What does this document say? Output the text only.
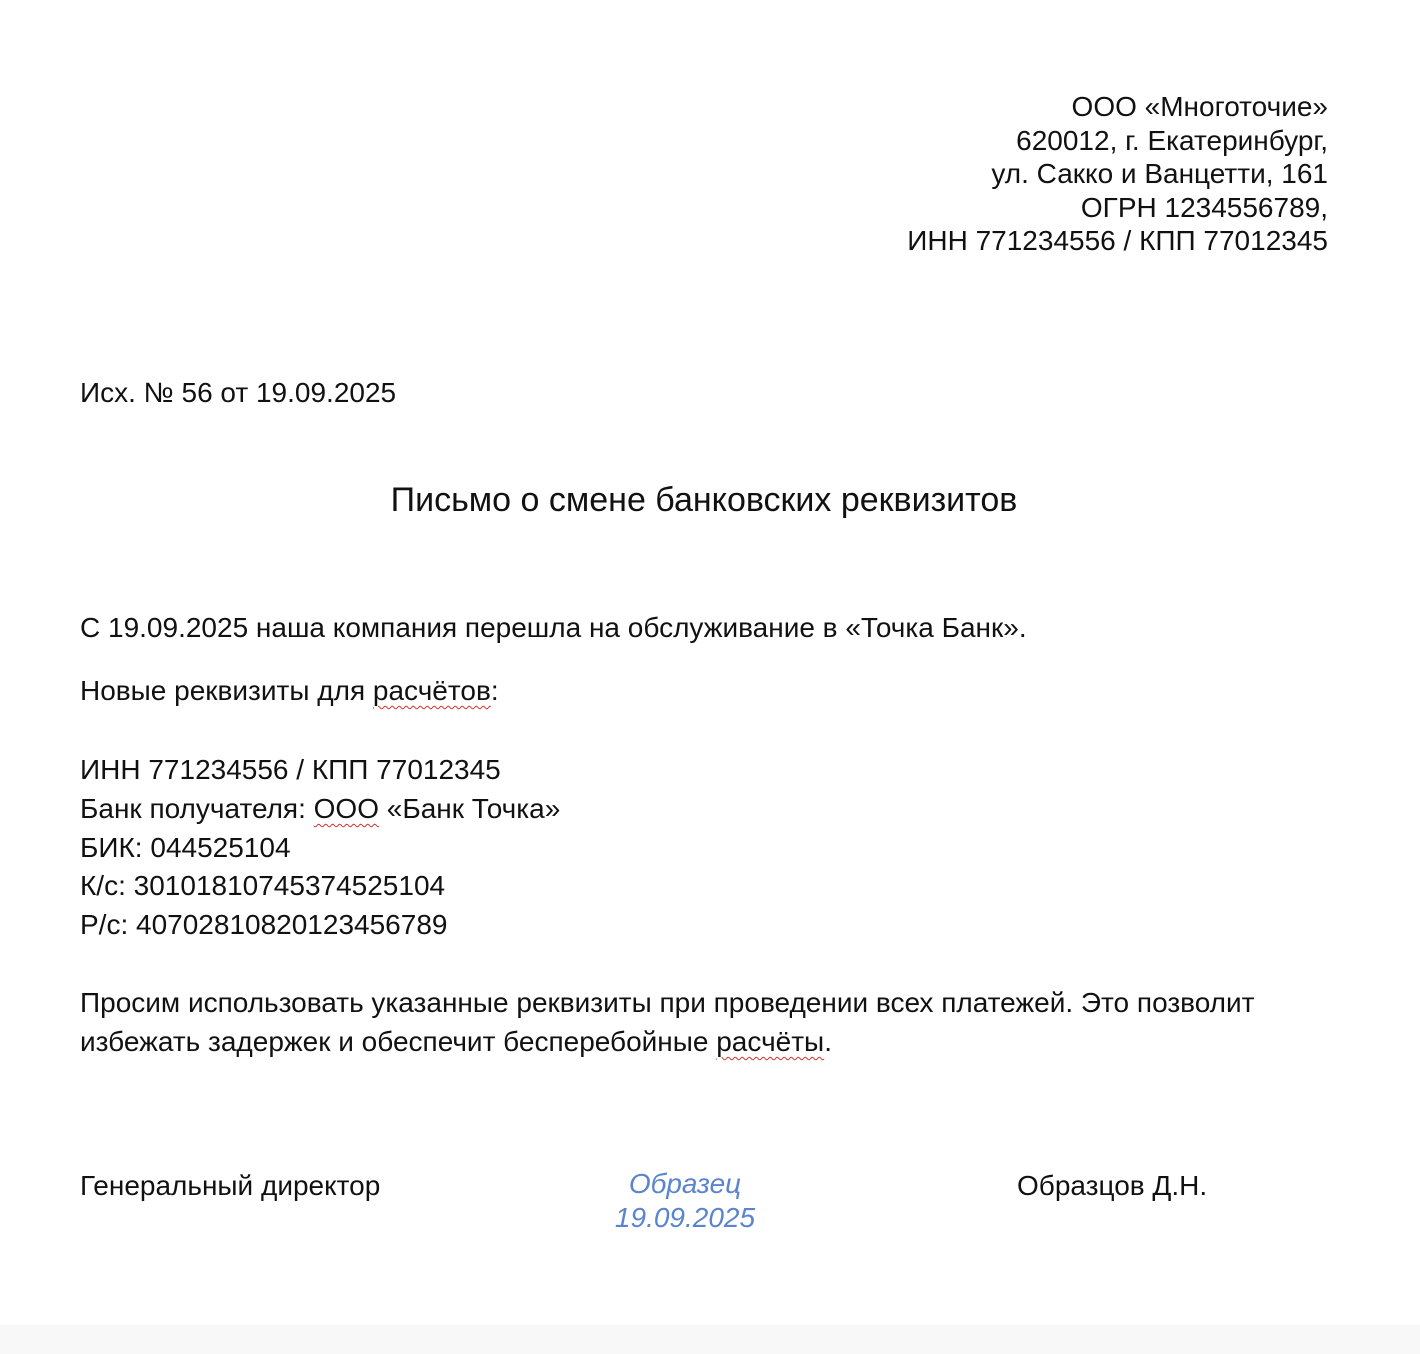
ООО «Многоточие»
620012, г. Екатеринбург,
ул. Сакко и Ванцетти, 161
ОГРН 1234556789,
ИНН 771234556 / КПП 77012345
Исх. № 56 от 19.09.2025
Письмо о смене банковских реквизитов
С 19.09.2025 наша компания перешла на обслуживание в «Точка Банк».
Новые реквизиты для расчётов:
ИНН 771234556 / КПП 77012345
Банк получателя: ООО «Банк Точка»
БИК: 044525104
К/с: 30101810745374525104
Р/с: 40702810820123456789
Просим использовать указанные реквизиты при проведении всех платежей. Это позволит
избежать задержек и обеспечит бесперебойные расчёты.
Генеральный директор	Образец
19.09.2025
Образцов Д.Н.
